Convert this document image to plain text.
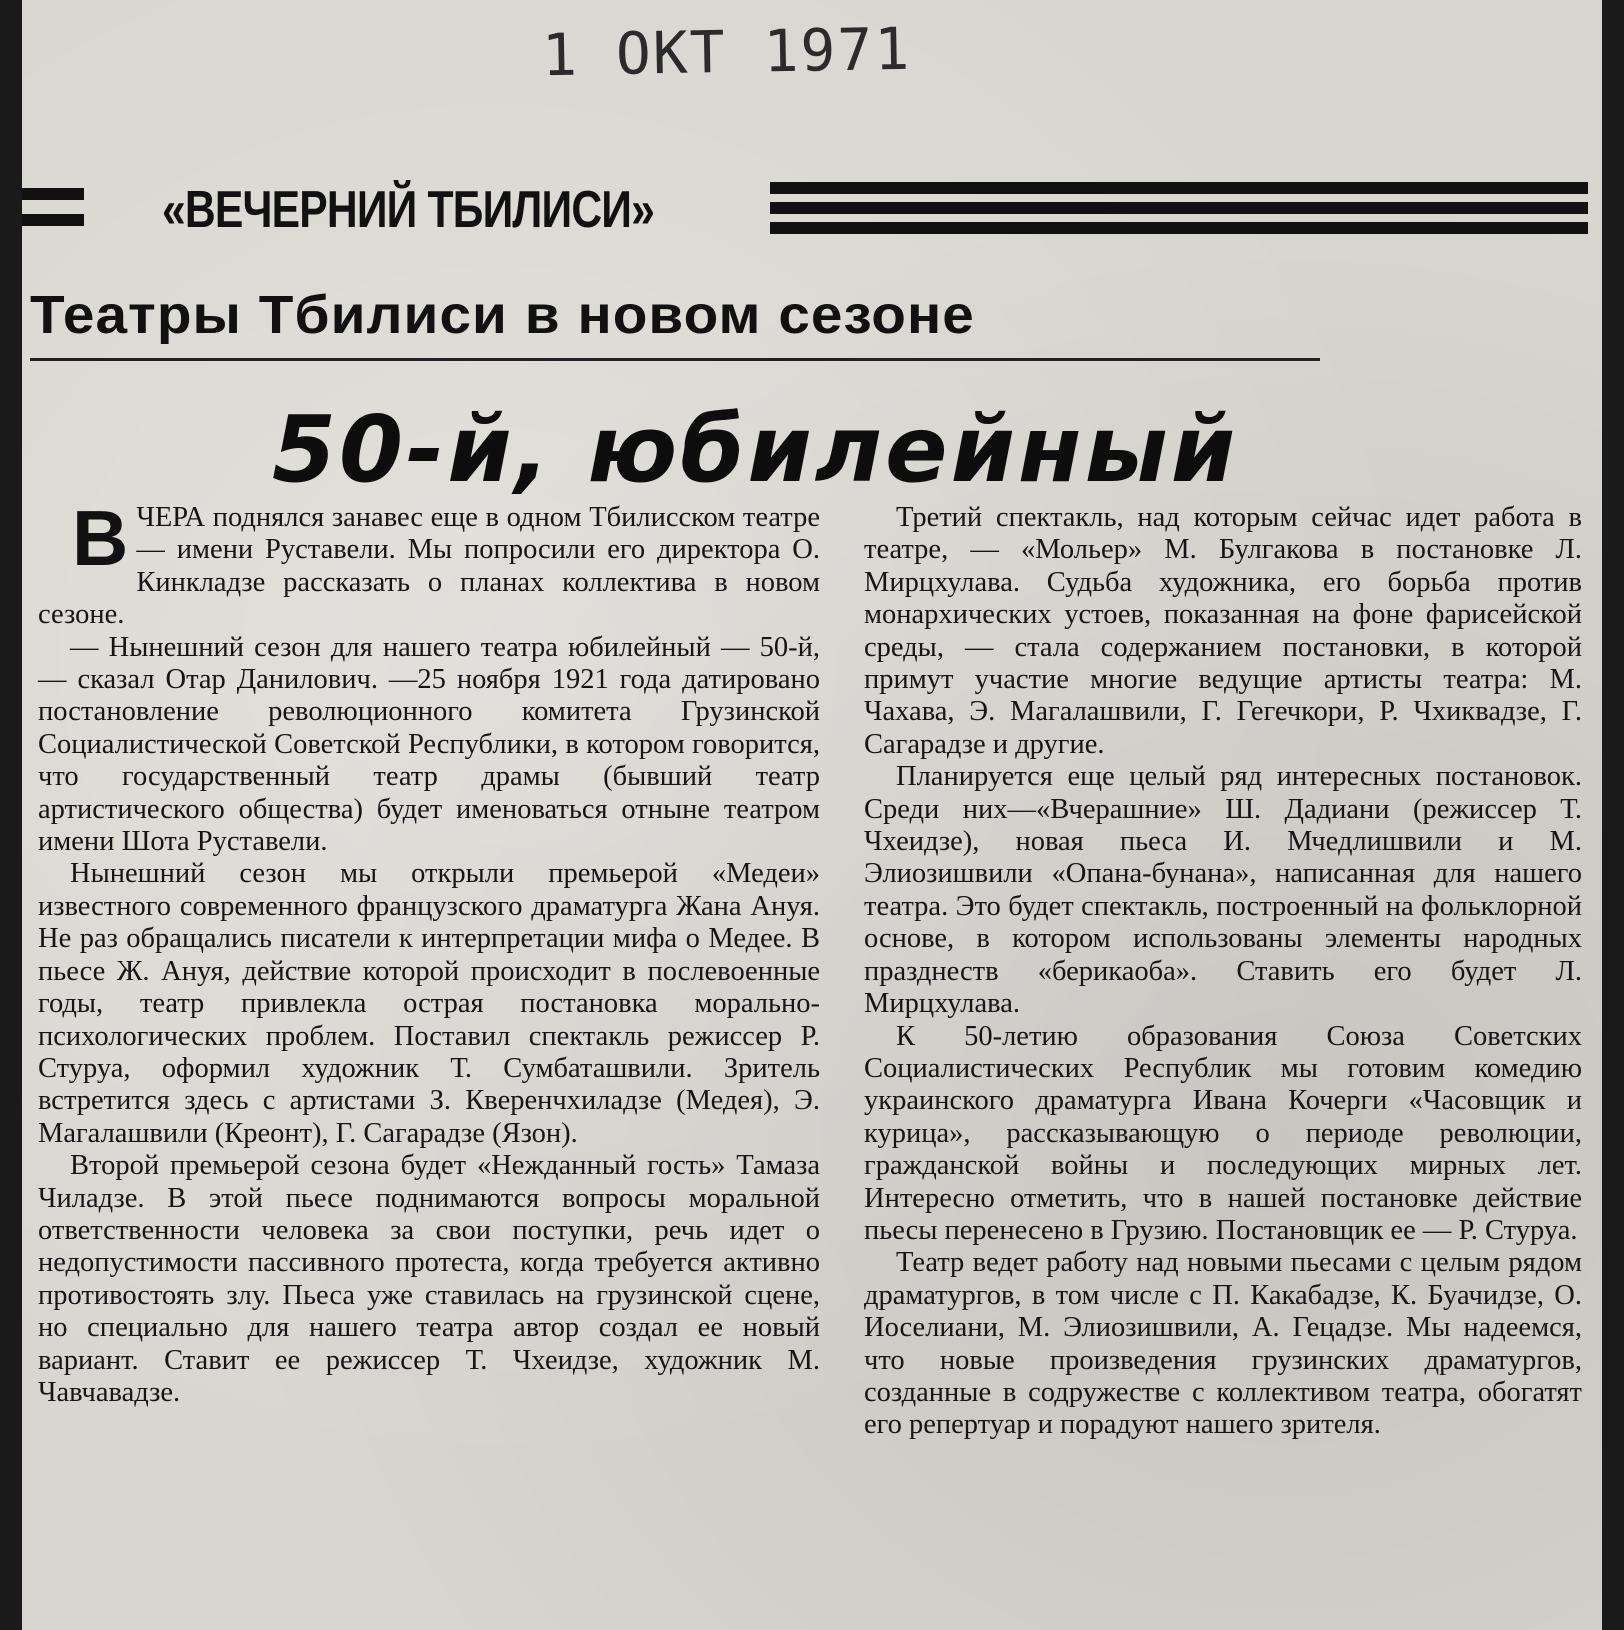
1 ОКТ 1971
«ВЕЧЕРНИЙ ТБИЛИСИ»
Театры Тбилиси в новом сезоне
50-й, юбилейный

ВЧЕРА поднялся занавес еще в одном Тбилисском театре — имени Руставели. Мы попросили его директора О. Кинкладзе рассказать о планах коллектива в новом сезоне.

— Нынешний сезон для нашего театра юбилейный — 50-й, — сказал Отар Данилович. —25 ноября 1921 года датировано постановление революционного комитета Грузинской Социалистической Советской Республики, в котором говорится, что государственный театр драмы (бывший театр артистического общества) будет именоваться отныне театром имени Шота Руставели.

Нынешний сезон мы открыли премьерой «Медеи» известного современного французского драматурга Жана Ануя. Не раз обращались писатели к интерпретации мифа о Медее. В пьесе Ж. Ануя, действие которой происходит в послевоенные годы, театр привлекла острая постановка морально-психологических проблем. Поставил спектакль режиссер Р. Стуруа, оформил художник Т. Сумбаташвили. Зритель встретится здесь с артистами З. Кверенчхиладзе (Медея), Э. Магалашвили (Креонт), Г. Сагарадзе (Язон).

Второй премьерой сезона будет «Нежданный гость» Тамаза Чиладзе. В этой пьесе поднимаются вопросы моральной ответственности человека за свои поступки, речь идет о недопустимости пассивного протеста, когда требуется активно противостоять злу. Пьеса уже ставилась на грузинской сцене, но специально для нашего театра автор создал ее новый вариант. Ставит ее режиссер Т. Чхеидзе, художник М. Чавчавадзе.

Третий спектакль, над которым сейчас идет работа в театре, — «Мольер» М. Булгакова в постановке Л. Мирцхулава. Судьба художника, его борьба против монархических устоев, показанная на фоне фарисейской среды, — стала содержанием постановки, в которой примут участие многие ведущие артисты театра: М. Чахава, Э. Магалашвили, Г. Гегечкори, Р. Чхиквадзе, Г. Сагарадзе и другие.

Планируется еще целый ряд интересных постановок. Среди них—«Вчерашние» Ш. Дадиани (режиссер Т. Чхеидзе), новая пьеса И. Мчедлишвили и М. Элиозишвили «Опана-бунана», написанная для нашего театра. Это будет спектакль, построенный на фольклорной основе, в котором использованы элементы народных празднеств «берикаоба». Ставить его будет Л. Мирцхулава.

К 50-летию образования Союза Советских Социалистических Республик мы готовим комедию украинского драматурга Ивана Кочерги «Часовщик и курица», рассказывающую о периоде революции, гражданской войны и последующих мирных лет. Интересно отметить, что в нашей постановке действие пьесы перенесено в Грузию. Постановщик ее — Р. Стуруа.

Театр ведет работу над новыми пьесами с целым рядом драматургов, в том числе с П. Какабадзе, К. Буачидзе, О. Иоселиани, М. Элиозишвили, А. Гецадзе. Мы надеемся, что новые произведения грузинских драматургов, созданные в содружестве с коллективом театра, обогатят его репертуар и порадуют нашего зрителя.
